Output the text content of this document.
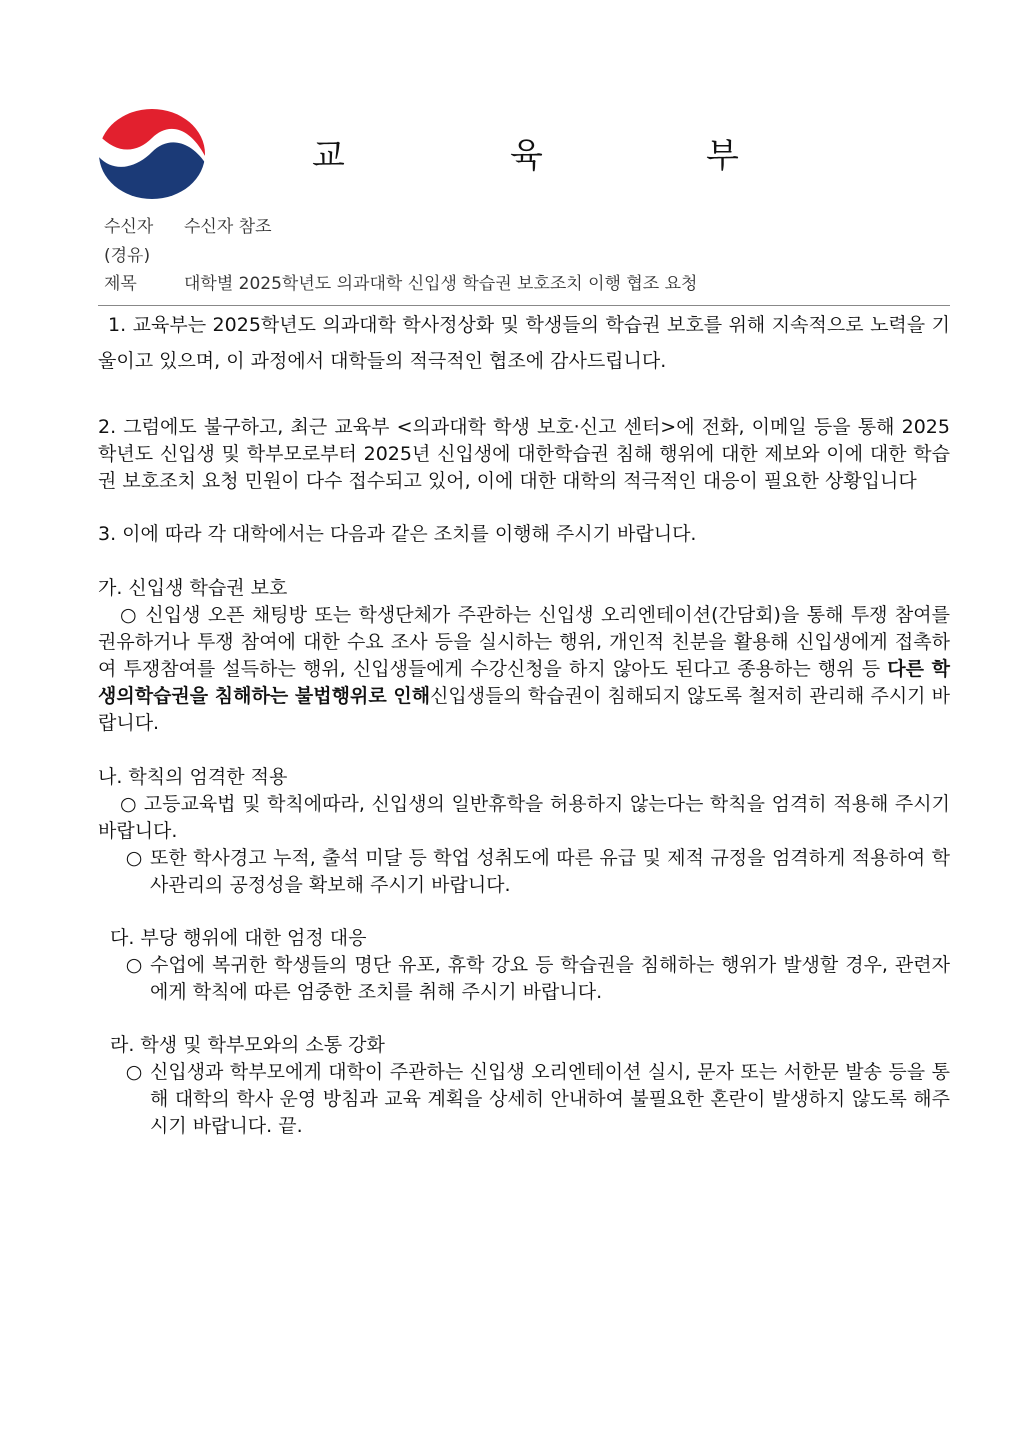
교	육	부
수신자 수신자 참조
(경유)
제목	대학별 2025학년도 의과대학 신입생 학습권 보호조치 이행 협조 요청
1. 교육부는 2025학년도 의과대학 학사정상화 및 학생들의 학습권 보호를 위해 지속적으로 노력을 기울이고 있으며, 이 과정에서 대학들의 적극적인 협조에 감사드립니다.
2. 그럼에도 불구하고, 최근 교육부 <의과대학 학생 보호·신고 센터>에 전화, 이메일 등을 통해 2025학년도 신입생 및 학부모로부터 2025년 신입생에 대한학습권 침해 행위에 대한 제보와 이에 대한 학습권 보호조치 요청 민원이 다수 접수되고 있어, 이에 대한 대학의 적극적인 대응이 필요한 상황입니다
3. 이에 따라 각 대학에서는 다음과 같은 조치를 이행해 주시기 바랍니다.
가. 신입생 학습권 보호
○ 신입생 오픈 채팅방 또는 학생단체가 주관하는 신입생 오리엔테이션(간담회)을 통해 투쟁 참여를 권유하거나 투쟁 참여에 대한 수요 조사 등을 실시하는 행위, 개인적 친분을 활용해 신입생에게 접촉하여 투쟁참여를 설득하는 행위, 신입생들에게 수강신청을 하지 않아도 된다고 종용하는 행위 등 다른 학생의학습권을 침해하는 불법행위로 인해신입생들의 학습권이 침해되지 않도록 철저히 관리해 주시기 바랍니다.
나. 학칙의 엄격한 적용
○ 고등교육법 및 학칙에따라, 신입생의 일반휴학을 허용하지 않는다는 학칙을 엄격히 적용해 주시기 바랍니다.
○ 또한 학사경고 누적, 출석 미달 등 학업 성취도에 따른 유급 및 제적 규정을 엄격하게 적용하여 학사관리의 공정성을 확보해 주시기 바랍니다.
다. 부당 행위에 대한 엄정 대응
○ 수업에 복귀한 학생들의 명단 유포, 휴학 강요 등 학습권을 침해하는 행위가 발생할 경우, 관련자에게 학칙에 따른 엄중한 조치를 취해 주시기 바랍니다.
라. 학생 및 학부모와의 소통 강화
○ 신입생과 학부모에게 대학이 주관하는 신입생 오리엔테이션 실시, 문자 또는 서한문 발송 등을 통해 대학의 학사 운영 방침과 교육 계획을 상세히 안내하여 불필요한 혼란이 발생하지 않도록 해주시기 바랍니다. 끝.
